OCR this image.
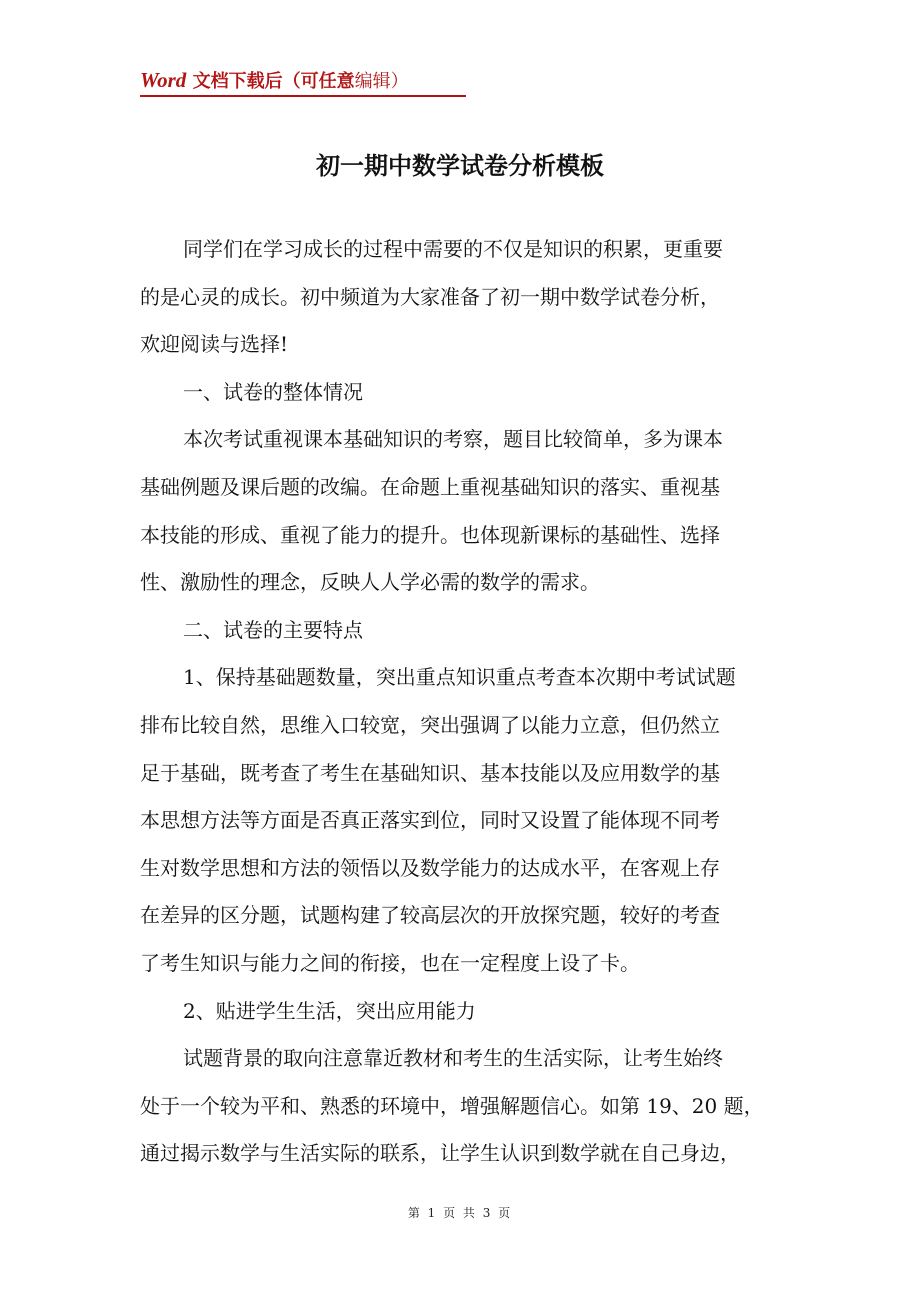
Word 文档下载后（可任意编辑）
初一期中数学试卷分析模板

同学们在学习成长的过程中需要的不仅是知识的积累，更重要

的是心灵的成长。初中频道为大家准备了初一期中数学试卷分析，

欢迎阅读与选择!

一、试卷的整体情况

本次考试重视课本基础知识的考察，题目比较简单，多为课本

基础例题及课后题的改编。在命题上重视基础知识的落实、重视基

本技能的形成、重视了能力的提升。也体现新课标的基础性、选择

性、激励性的理念，反映人人学必需的数学的需求。

二、试卷的主要特点

1、保持基础题数量，突出重点知识重点考查本次期中考试试题

排布比较自然，思维入口较宽，突出强调了以能力立意，但仍然立

足于基础，既考查了考生在基础知识、基本技能以及应用数学的基

本思想方法等方面是否真正落实到位，同时又设置了能体现不同考

生对数学思想和方法的领悟以及数学能力的达成水平，在客观上存

在差异的区分题，试题构建了较高层次的开放探究题，较好的考查

了考生知识与能力之间的衔接，也在一定程度上设了卡。

2、贴进学生生活，突出应用能力

试题背景的取向注意靠近教材和考生的生活实际，让考生始终

处于一个较为平和、熟悉的环境中，增强解题信心。如第 19、20 题，

通过揭示数学与生活实际的联系，让学生认识到数学就在自己身边，

第 1 页 共 3 页
